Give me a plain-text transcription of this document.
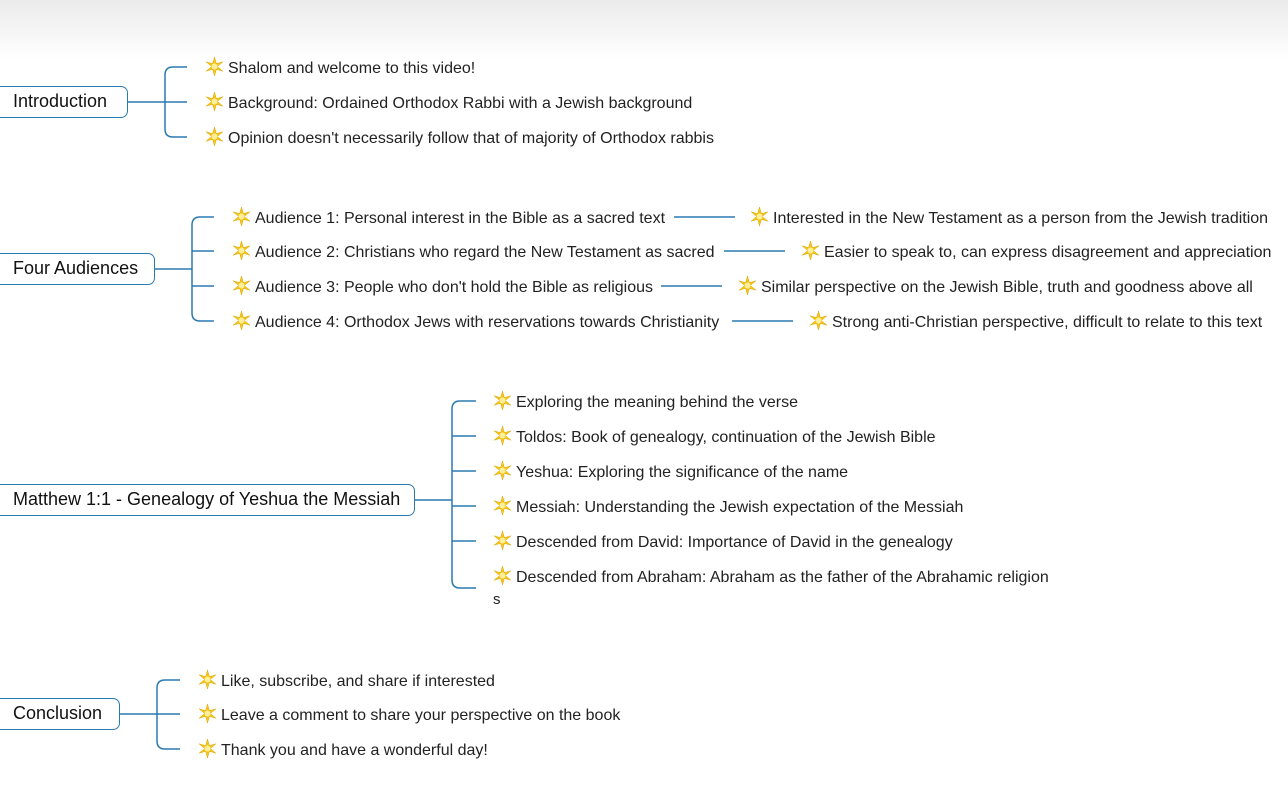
Introduction
Shalom and welcome to this video!
Background: Ordained Orthodox Rabbi with a Jewish background
Opinion doesn't necessarily follow that of majority of Orthodox rabbis
Four Audiences
Audience 1: Personal interest in the Bible as a sacred text
Audience 2: Christians who regard the New Testament as sacred
Audience 3: People who don't hold the Bible as religious
Audience 4: Orthodox Jews with reservations towards Christianity
Interested in the New Testament as a person from the Jewish tradition
Easier to speak to, can express disagreement and appreciation
Similar perspective on the Jewish Bible, truth and goodness above all
Strong anti-Christian perspective, difficult to relate to this text
Matthew 1:1 - Genealogy of Yeshua the Messiah
Exploring the meaning behind the verse
Toldos: Book of genealogy, continuation of the Jewish Bible
Yeshua: Exploring the significance of the name
Messiah: Understanding the Jewish expectation of the Messiah
Descended from David: Importance of David in the genealogy
Descended from Abraham: Abraham as the father of the Abrahamic religion
s
Conclusion
Like, subscribe, and share if interested
Leave a comment to share your perspective on the book
Thank you and have a wonderful day!
